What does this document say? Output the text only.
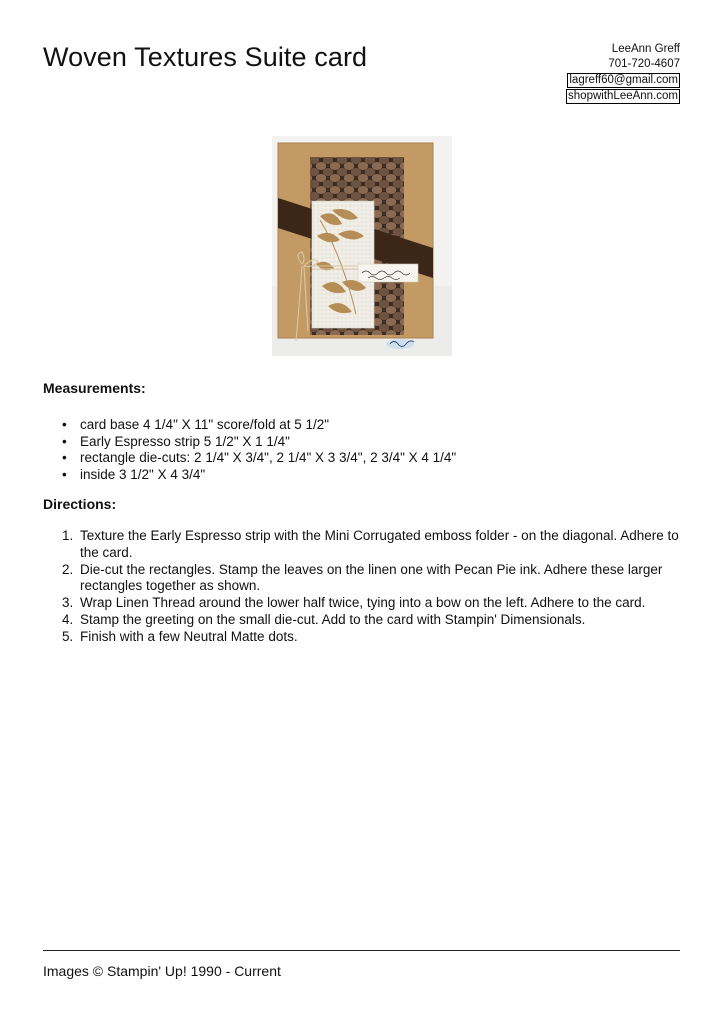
Woven Textures Suite card	LeeAnn Greff
701-720-4607
lagreff60@gmail.com
shopwithLeeAnn.com
Measurements:
• card base 4 1/4" X 11" score/fold at 5 1/2"
• Early Espresso strip 5 1/2" X 1 1/4"
• rectangle die-cuts: 2 1/4" X 3/4", 2 1/4" X 3 3/4", 2 3/4" X 4 1/4"
• inside 3 1/2" X 4 3/4"
Directions:
1. Texture the Early Espresso strip with the Mini Corrugated emboss folder - on the diagonal. Adhere to the card.
2. Die-cut the rectangles. Stamp the leaves on the linen one with Pecan Pie ink. Adhere these larger rectangles together as shown.
3. Wrap Linen Thread around the lower half twice, tying into a bow on the left. Adhere to the card.
4. Stamp the greeting on the small die-cut. Add to the card with Stampin' Dimensionals.
5. Finish with a few Neutral Matte dots.
Images © Stampin' Up! 1990 - Current
